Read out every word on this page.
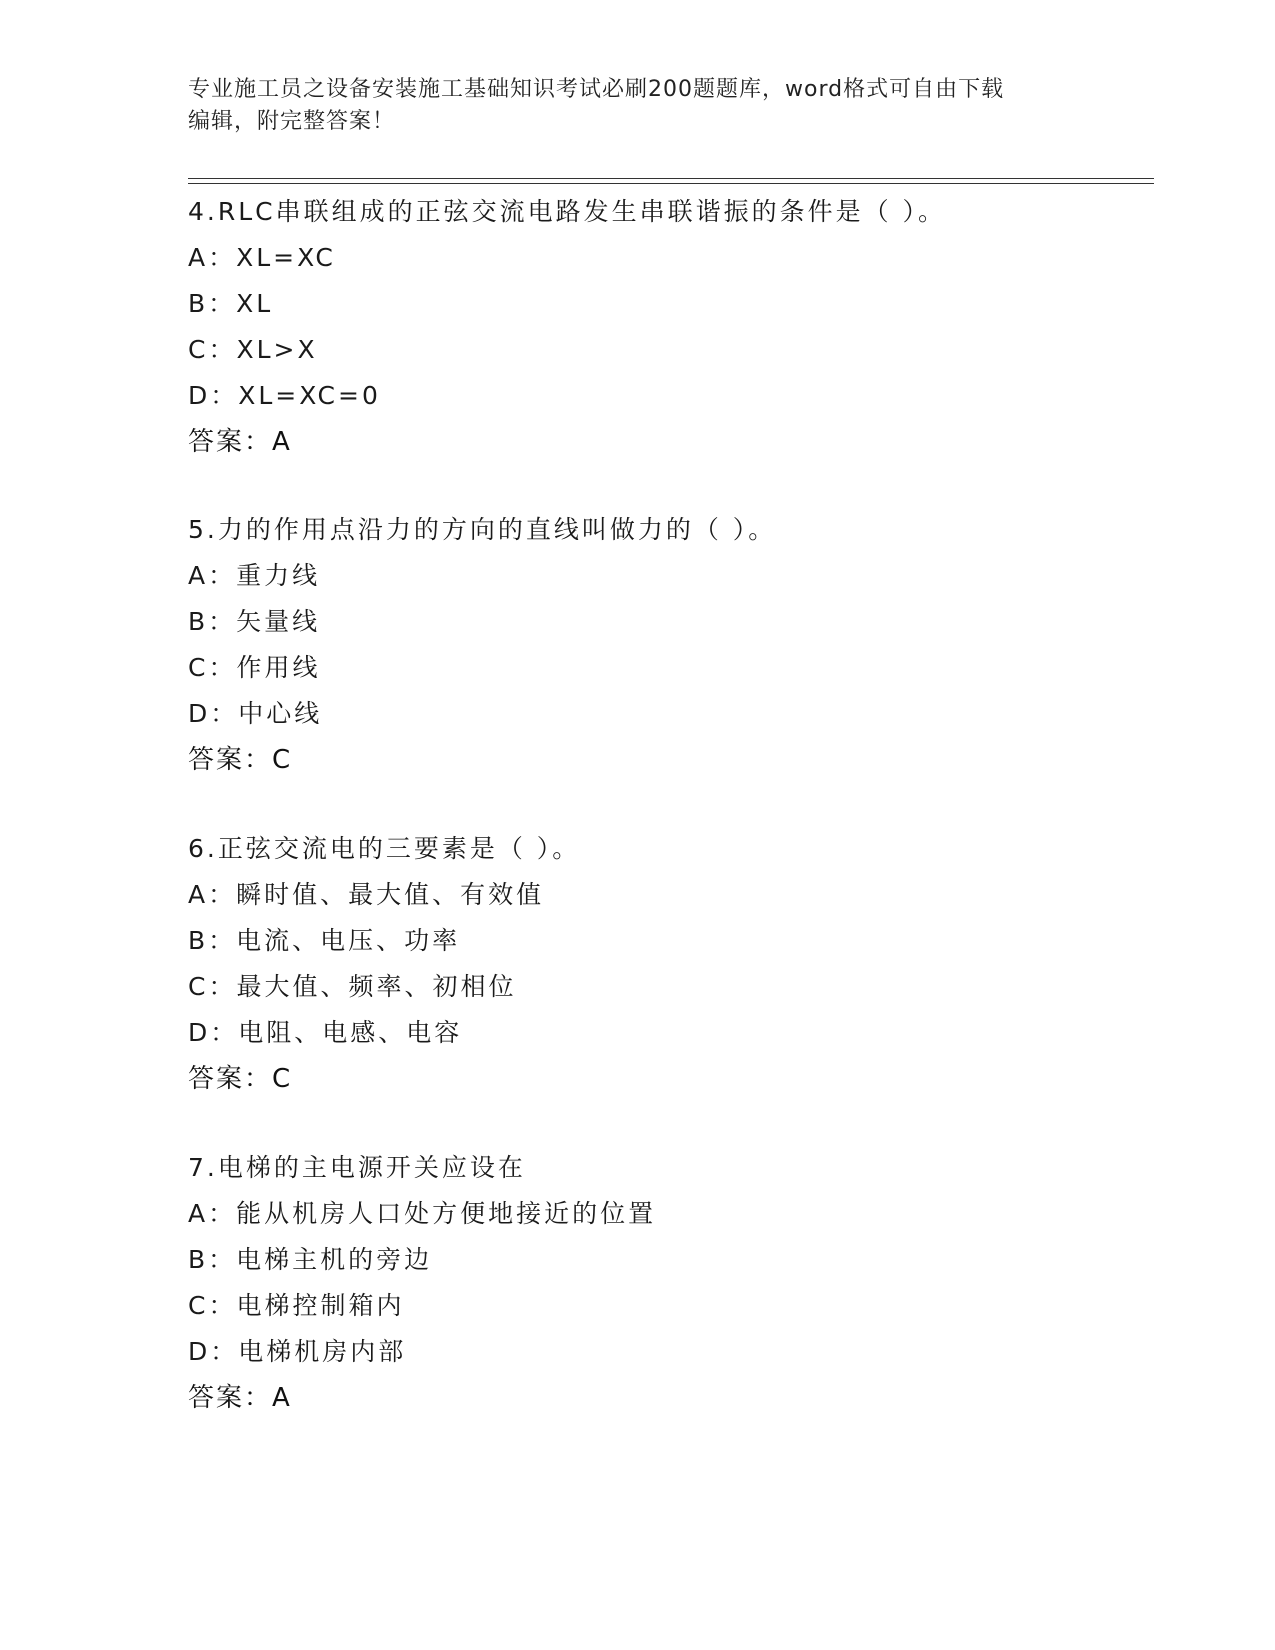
专业施工员之设备安装施工基础知识考试必刷200题题库，word格式可自由下载
编辑，附完整答案！
4.RLC串联组成的正弦交流电路发生串联谐振的条件是（ ）。
A：XL=XC
B：XL
C：XL>X
D：XL=XC=0
答案：A
5.力的作用点沿力的方向的直线叫做力的（ ）。
A：重力线
B：矢量线
C：作用线
D：中心线
答案：C
6.正弦交流电的三要素是（ ）。
A：瞬时值、最大值、有效值
B：电流、电压、功率
C：最大值、频率、初相位
D：电阻、电感、电容
答案：C
7.电梯的主电源开关应设在
A：能从机房人口处方便地接近的位置
B：电梯主机的旁边
C：电梯控制箱内
D：电梯机房内部
答案：A
